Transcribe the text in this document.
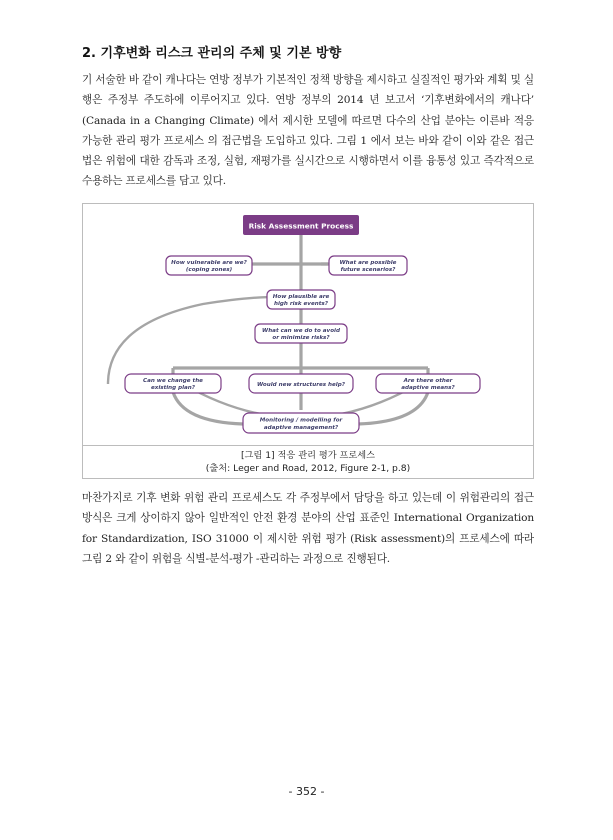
2. 기후변화 리스크 관리의 주체 및 기본 방향

기 서술한 바 같이 캐나다는 연방 정부가 기본적인 정책 방향을 제시하고 실질적인 평가와 계획 및 실행은 주정부 주도하에 이루어지고 있다. 연방 정부의 2014 년 보고서 ‘기후변화에서의 캐나다’ (Canada in a Changing Climate) 에서 제시한 모델에 따르면 다수의 산업 분야는 이른바 적응 가능한 관리 평가 프로세스 의 접근법을 도입하고 있다. 그림 1 에서 보는 바와 같이 이와 같은 접근법은 위험에 대한 감독과 조정, 실험, 재평가를 실시간으로 시행하면서 이를 융통성 있고 즉각적으로 수용하는 프로세스를 담고 있다.

Risk Assessment Process
How vulnerable are we?
(coping zones)
What are possible
future scenarios?
How plausible are
high risk events?
What can we do to avoid
or minimize risks?
Can we change the
existing plan?	Would new structures help?
Are there other
adaptive means?
Monitoring / modelling for
adaptive management?
[그림 1] 적응 관리 평가 프로세스
(출처: Leger and Road, 2012, Figure 2-1, p.8)

마찬가지로 기후 변화 위험 관리 프로세스도 각 주정부에서 담당을 하고 있는데 이 위험관리의 접근 방식은 크게 상이하지 않아 일반적인 안전 환경 분야의 산업 표준인 International Organization for Standardization, ISO 31000 이 제시한 위험 평가 (Risk assessment)의 프로세스에 따라 그림 2 와 같이 위험을 식별-분석-평가 -관리하는 과정으로 진행된다.

- 352 -
